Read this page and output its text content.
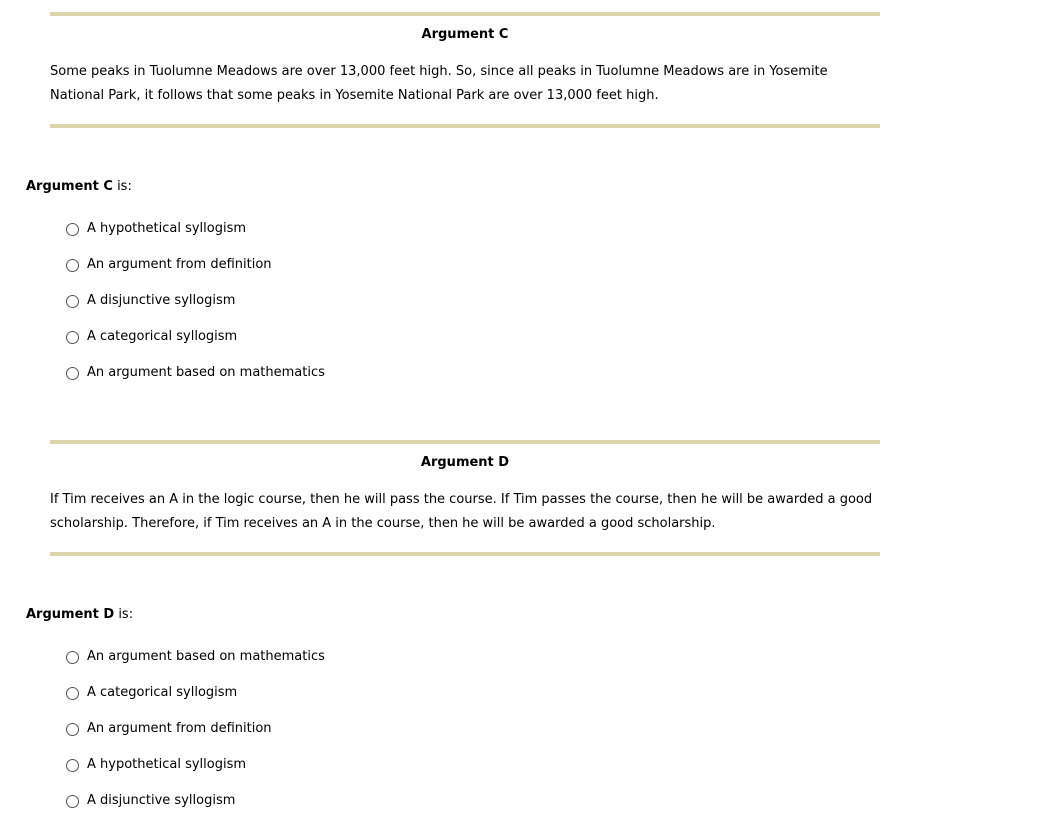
Argument C
Some peaks in Tuolumne Meadows are over 13,000 feet high. So, since all peaks in Tuolumne Meadows are in Yosemite National Park, it follows that some peaks in Yosemite National Park are over 13,000 feet high.
Argument C is:
A hypothetical syllogism
An argument from definition
A disjunctive syllogism
A categorical syllogism
An argument based on mathematics
Argument D
If Tim receives an A in the logic course, then he will pass the course. If Tim passes the course, then he will be awarded a good scholarship. Therefore, if Tim receives an A in the course, then he will be awarded a good scholarship.
Argument D is:
An argument based on mathematics
A categorical syllogism
An argument from definition
A hypothetical syllogism
A disjunctive syllogism
